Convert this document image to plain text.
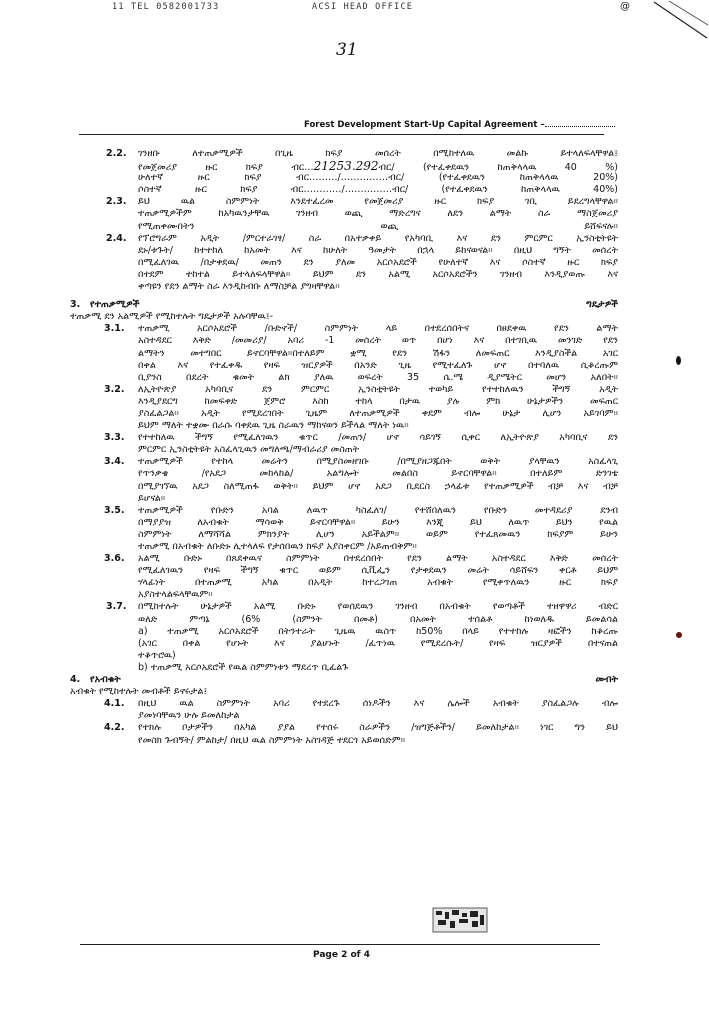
11 TEL 0582001733	ACSI HEAD OFFICE	@
31
Forest Development Start-Up Capital Agreement –
2.2. ገንዘቡ ለተጠቃሚዎች በጊዜ ክፍያ መሰረት በሚከተለዉ መልኩ ይተላለፍላቸዋል፤
የመጀመሪያ ዙር ክፍያ ብር…21253.292ብር/ (የተፈቀደዉን ከጠቅላላዉ 40 %)
ሁለተኛ ዙር ክፍያ ብር………/……………ብር/ (የተፈቀደዉን ከጠቅላላዉ 20%)
ሶስተኛ ዙር ክፍያ ብር…………/……………ብር/ (የተፈቀደዉን ከጠቅላላዉ 40%)
2.3. ይህ ዉል ስምምነት እንደተፈረመ የመጀመሪያ ዙር ክፍያ ገቢ ይደረግላቸዋል።
ተጠቃሚዎችም ከአካዉንታቸዉ ገንዘብ ወጪ ማድረግና ለደን ልማት ስራ ማስጀመሪያ
የሚጠቀሙበትን ወጪ ይሸፍናሉ።
2.4. የፕሮግራም አዲት /ምርተራገፃ/ ስራ በአተቃቀይ የአካባቢ እና ደን ምርምር ኢንስቲትዩት
ደኑ/ቱጉት/ ከተተከለ ከአመት እና ከሁለት ዓመታት በኋላ ይከናወናል። በዚህ ግኝት መሰረት
በሚፈለገዉ /በታቀደዉ/ መጠን ደን ያለመ አርሶአደሮች የሁለተኛ እና ሶስተኛ ዙር ክፍያ
በተደም ተከተል ይተላለፍላቸዋል። ይህም ደን አልሚ አርሶአደሮችን ገንዘብ እንዲያወጡ እና
ቀጣዩን የደን ልማት ስራ እንዲከብቡ ለማስቻል ያግዛቸዋል።
3. የተጠቃሚዎች ግዴታዎች
ተጠቃሚ ደን አልሚዎች የሚከተሉት ግዴታዎች አሉባቸዉ፤-
3.1. ተጠቃሚ አርሶአደሮች /ቡድኖች/ ስምምነት ላይ በተደረሰበትና በፀደቀዉ የደን ልማት
አስተዳደር እቅድ /መመሪያ/ አባሪ -1 መሰረት ወጥ በሆነ እና በተገቢዉ መንገድ የደን
ልማትን መተግበር ይኖርባቸዋል።በተለይም ቋሚ የደን ሽፋን ለመፍጠር እንዲያስችል አገር
በቀል እና የተፈቀዱ የዛፍ ዝርያዎች በአንድ ጊዜ የሚተፈለጉ ሆኖ በተባለዉ ሲቆረጡም
ቢያንስ በደረት ቁመት ልክ ያለዉ ወፍረት 35 ሴ.ሜ ዲያሜትር መሆን አለበት።
3.2. ለኢትዮጵያ አካባቢና ደን ምርምር ኢንስቲትዩት ተወካይ የተተከለዉን ችግኝ አዲት
እንዲያደርግ ከመፍቀድ ጀምሮ እስከ ተከላ በታዉ ያሉ ምክ ሁኔታዎችን መፍጠር
ያስፈልጋል። አዲት የሚደረገበት ጊዜም ለተጠቃሚዎች ቀደም ብሎ ሁኔታ ሊሆን አይገባም።
ይህም ማለት ተቋሙ በራሱ ባቀደዉ ጊዜ ስራዉን ማከናወን ይችላል ማለት ነዉ።
3.3. የተተከለዉ ችግኝ የሚፈለገዉን ቁጥር /መጠን/ ሆኖ ሳይገኝ ሲቀር ለኢትዮጵያ አካባቢና ደን
ምርምር ኢንስቲትዩት አስፈላጊዉን መግለጫ/ማብራሪያ መስጠት
3.4. ተጠቃሚዎች የተከላ መሬትን በሚያስመዘገቡ /በሚያዘጋጁበት ወቅት ያላቸዉን አስፈላጊ
የጥንቃቄ /የአደጋ መከላከል/ አልግሎት መልበስ ይኖርባቸዋል። በተለይም ድንገቴ
በሚያገኘዉ አደጋ ስለሚጠፋ ወቅት። ይህም ሆኖ አደጋ ቢደርስ ኃላፊቱ የተጠቃሚዎች ብቻ እና ብቻ
ይሆናል።
3.5. ተጠቃሚዎች የቡድን አባል ለዉጥ ካስፈለገ/ የተሸበለዉን የቡድን መተዳደሪያ ደንብ
በማያያዝ ለአብቁት ማሳወቅ ይኖርባቸዋል። ይሁን እንጂ ይህ ለዉጥ ይህን የዉል
ስምምነት ለማሻሻል ምክንያት ሊሆን አይችልም። ወይም የተፈጸመዉን ክፍያም ይሁን
ተጠቃሚ በአብቁት ለቡድኑ ሊተላለፍ የታሰበዉን ክፍያ አያስቀርም /አይጠብቅም።
3.6. አልሚ ቡድኑ በጸደቀዉና ስምምነት በተደረሰበት የደን ልማት አስተዳደር እቅድ መሰረት
የሚፈለገዉን የዛፍ ችግኝ ቁጥር ወይም ሲቪፌን የታቀደዉን መሬት ሳይሸፍን ቀርቶ ይህም
ሃላፊነት በተጠቃሚ አካል በአዲት ከተረጋገጠ አብቁት የሚቀጥለዉን ዙር ክፍያ
አያስተላልፍላቸዉም።
3.7. በሚከተሉት ሁኔታዎች አልሚ ቡድኑ የወሰደዉን ገንዘብ በአብቁት የወጣቶች ተዘዋዋሪ ብድር
ወለድ ምጣኔ (6% (ስምንት በመቶ) በአመት ተሰልቶ ከነወለዱ ይመልሳል
a) ተጠቃሚ አርሶአደሮች በትንተራት ጊዜዉ ዉስጥ ከ50% በላይ የተተከሉ ዛፎችን ከቆረጡ
(አገር በቀል የሆኑት እና ያልሆኑት /ፈጥነዉ የሚደረሱት/ የዛፍ ዝርያዎች በተናጠል
ተቆጥሮዉ)
b) ተጠቃሚ አርሶአደሮች የዉል ስምምነቱን ማደረጥ ቢፈልጉ
4. የአብቁት መብት
አብቁት የሚከተሉት መብቶች ይኖሩታል፤
4.1. በዚህ ዉል ስምምነት አባሪ የተደረጉ ሰነዶችን እና ሌሎች አብቁት ያስፈልጋሉ ብሎ
ያመነባቸዉን ሁሉ ይመለከታል
4.2. የተክሉ ቦታዎችን በአካል ያያል የተሰሩ ስራዎችን /ዝግጅቶችን/ ይመለከታል። ነገር ግን ይህ
የመስክ ጉብኝት/ ምልከታ/ በዚህ ዉል ስምምነት አስገዳጅ ተደርጎ አይወሰድም።
Page 2 of 4
